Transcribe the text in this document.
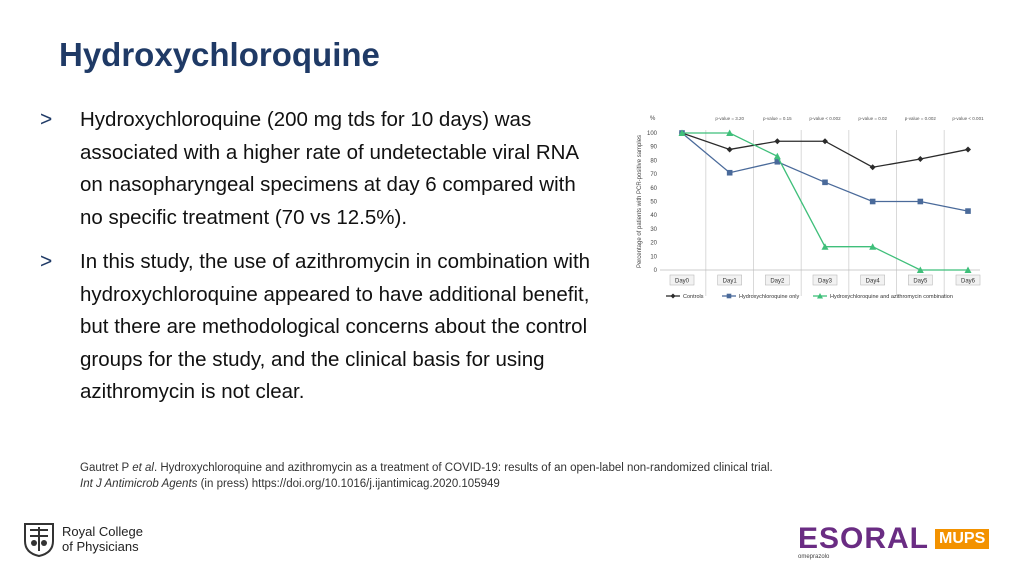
Hydroxychloroquine
>	Hydroxychloroquine (200 mg tds for 10 days) was associated with a higher rate of undetectable viral RNA on nasopharyngeal specimens at day 6 compared with no specific treatment (70 vs 12.5%).
>	In this study, the use of azithromycin in combination with hydroxychloroquine appeared to have additional benefit, but there are methodological concerns about the control groups for the study, and the clinical basis for using azithromycin is not clear.
Gautret P et al. Hydroxychloroquine and azithromycin as a treatment of COVID-19: results of an open-label non-randomized clinical trial.
Int J Antimicrob Agents (in press) https://doi.org/10.1016/j.ijantimicag.2020.105949
Percentage of patients with PCR-positive samples
%
0
10
20
30
40
50
60
70
80
90
100
p-value = 3.20	p-value = 0.15	p-value < 0.002	p-value = 0.02	p-value = 0.002	p-value < 0.001
Day0	Day1	Day2	Day3	Day4	Day5	Day6
Controls	Hydroxychloroquine only	Hydroxychloroquine and azithromycin combination
Royal College
of Physicians	ESORAL MUPS
omeprazolo
